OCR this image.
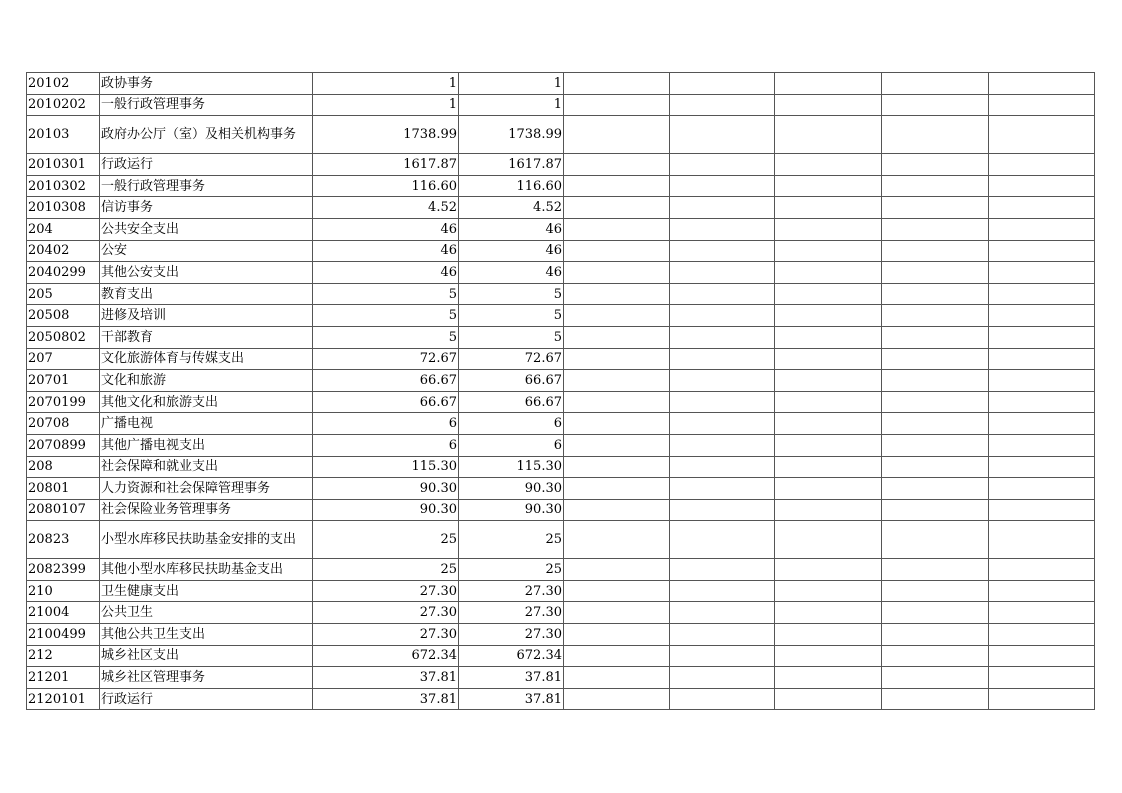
20102	政协事务	1	1					
2010202	一般行政管理事务	1	1					
20103	政府办公厅（室）及相关机构事务	1738.99	1738.99					
2010301	行政运行	1617.87	1617.87					
2010302	一般行政管理事务	116.60	116.60					
2010308	信访事务	4.52	4.52					
204	公共安全支出	46	46					
20402	公安	46	46					
2040299	其他公安支出	46	46					
205	教育支出	5	5					
20508	进修及培训	5	5					
2050802	干部教育	5	5					
207	文化旅游体育与传媒支出	72.67	72.67					
20701	文化和旅游	66.67	66.67					
2070199	其他文化和旅游支出	66.67	66.67					
20708	广播电视	6	6					
2070899	其他广播电视支出	6	6					
208	社会保障和就业支出	115.30	115.30					
20801	人力资源和社会保障管理事务	90.30	90.30					
2080107	社会保险业务管理事务	90.30	90.30					
20823	小型水库移民扶助基金安排的支出	25	25					
2082399	其他小型水库移民扶助基金支出	25	25					
210	卫生健康支出	27.30	27.30					
21004	公共卫生	27.30	27.30					
2100499	其他公共卫生支出	27.30	27.30					
212	城乡社区支出	672.34	672.34					
21201	城乡社区管理事务	37.81	37.81					
2120101	行政运行	37.81	37.81					
